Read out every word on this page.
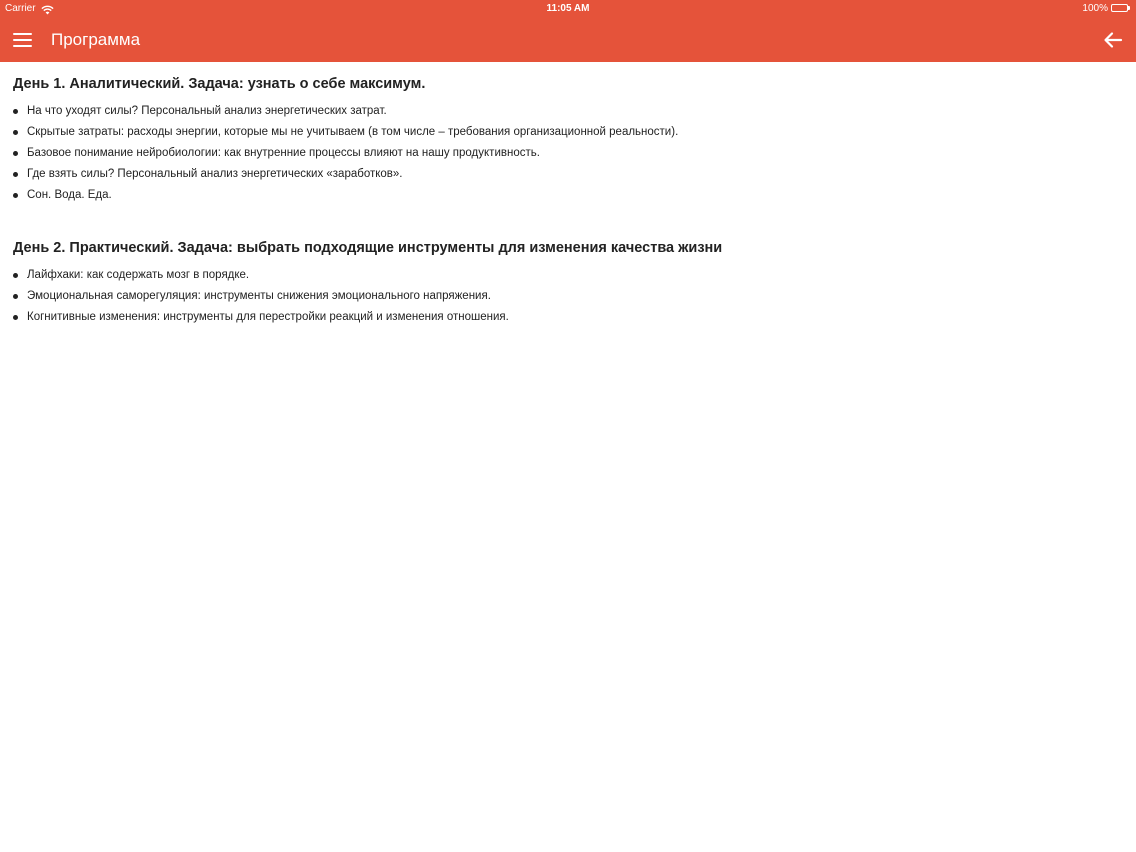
Carrier	11:05 AM	100%
Программа
День 1. Аналитический. Задача: узнать о себе максимум.
На что уходят силы? Персональный анализ энергетических затрат.
Скрытые затраты: расходы энергии, которые мы не учитываем (в том числе – требования организационной реальности).
Базовое понимание нейробиологии: как внутренние процессы влияют на нашу продуктивность.
Где взять силы? Персональный анализ энергетических «заработков».
Сон. Вода. Еда.
День 2. Практический. Задача: выбрать подходящие инструменты для изменения качества жизни
Лайфхаки: как содержать мозг в порядке.
Эмоциональная саморегуляция: инструменты снижения эмоционального напряжения.
Когнитивные изменения: инструменты для перестройки реакций и изменения отношения.
